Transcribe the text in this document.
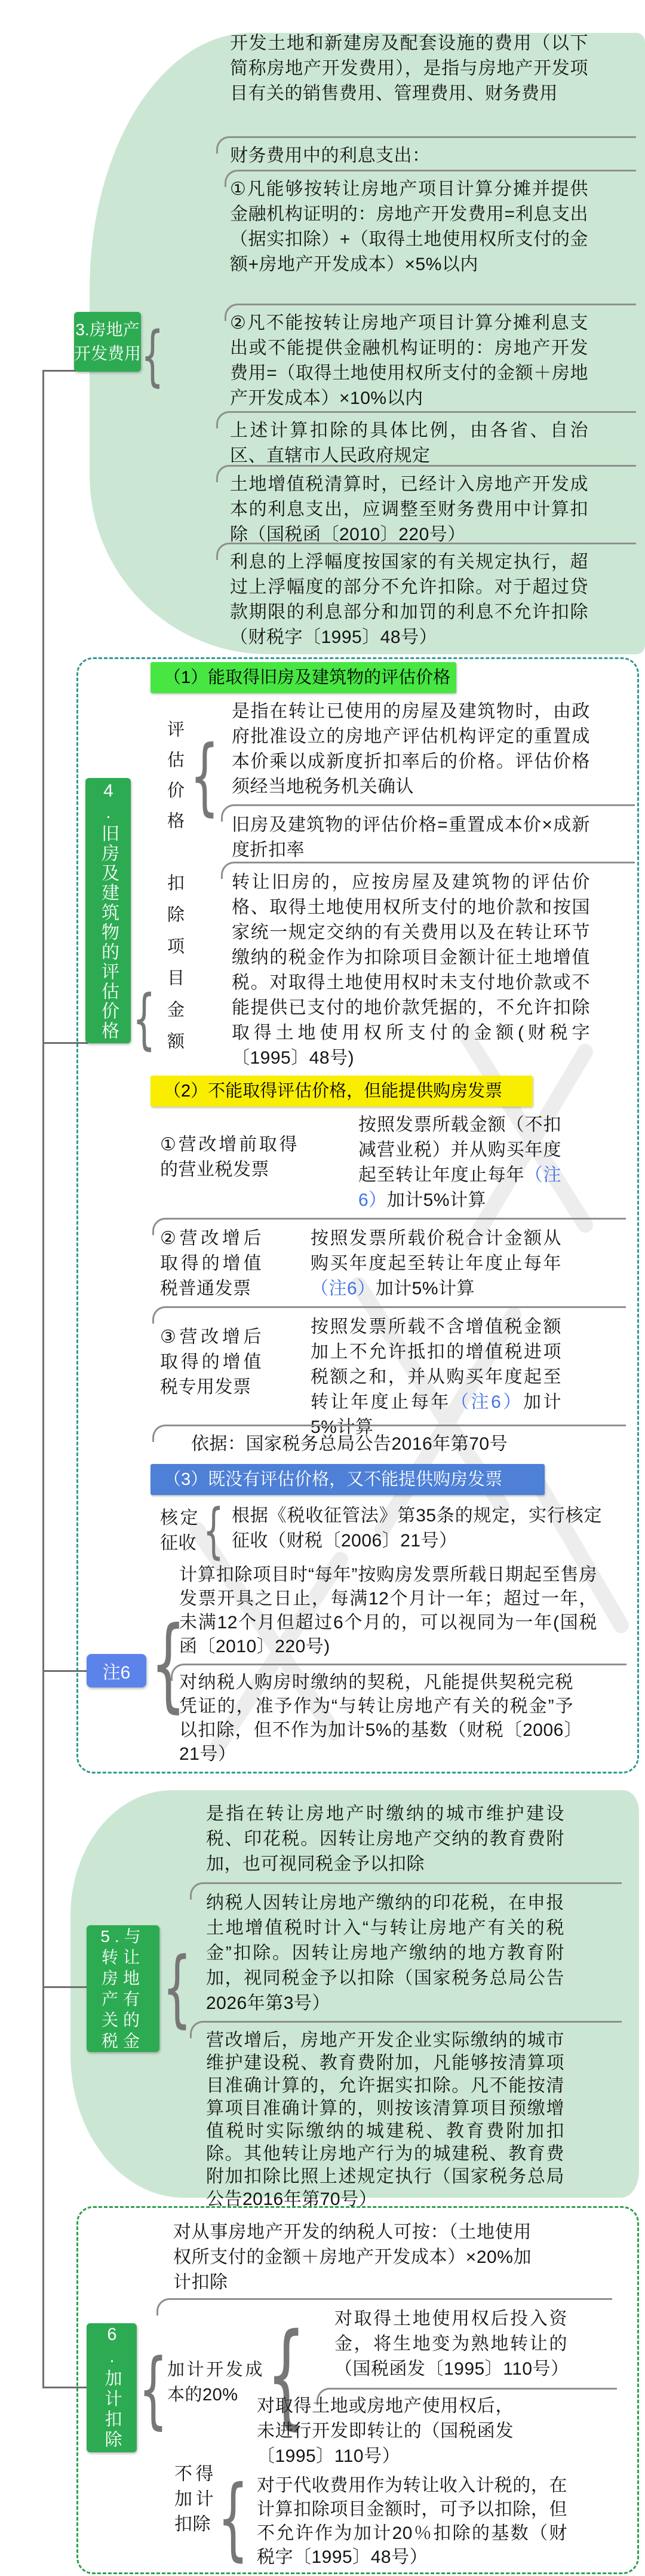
3.房地产
开发费用 {
开发土地和新建房及配套设施的费用（以下简称房地产开发费用），是指与房地产开发项目有关的销售费用、管理费用、财务费用
财务费用中的利息支出：
①凡能够按转让房地产项目计算分摊并提供金融机构证明的：房地产开发费用=利息支出（据实扣除）+（取得土地使用权所支付的金额+房地产开发成本）×5%以内
②凡不能按转让房地产项目计算分摊利息支出或不能提供金融机构证明的：房地产开发费用=（取得土地使用权所支付的金额＋房地产开发成本）×10%以内
上述计算扣除的具体比例，由各省、自治区、直辖市人民政府规定
土地增值税清算时，已经计入房地产开发成本的利息支出，应调整至财务费用中计算扣除（国税函〔2010〕220号）
利息的上浮幅度按国家的有关规定执行，超过上浮幅度的部分不允许扣除。对于超过贷款期限的利息部分和加罚的利息不允许扣除（财税字〔1995〕48号）
4.旧房及建筑物的评估价格 {
（1）能取得旧房及建筑物的评估价格
评估价格 {
是指在转让已使用的房屋及建筑物时，由政府批准设立的房地产评估机构评定的重置成本价乘以成新度折扣率后的价格。评估价格须经当地税务机关确认
旧房及建筑物的评估价格=重置成本价×成新度折扣率
扣除项目金额	转让旧房的，应按房屋及建筑物的评估价格、取得土地使用权所支付的地价款和按国家统一规定交纳的有关费用以及在转让环节缴纳的税金作为扣除项目金额计征土地增值税。对取得土地使用权时未支付地价款或不能提供已支付的地价款凭据的，不允许扣除取得土地使用权所支付的金额(财税字〔1995〕48号)
（2）不能取得评估价格，但能提供购房发票
①营改增前取得的营业税发票
按照发票所载金额（不扣减营业税）并从购买年度起至转让年度止每年（注6）加计5%计算
②营改增后取得的增值税普通发票
按照发票所载价税合计金额从购买年度起至转让年度止每年（注6）加计5%计算
③营改增后取得的增值税专用发票
按照发票所载不含增值税金额加上不允许抵扣的增值税进项税额之和，并从购买年度起至转让年度止每年（注6）加计5%计算
依据：国家税务总局公告2016年第70号
（3）既没有评估价格，又不能提供购房发票
核定征收 { 根据《税收征管法》第35条的规定，实行核定征收（财税〔2006〕21号）
注6 {
计算扣除项目时“每年”按购房发票所载日期起至售房发票开具之日止，每满12个月计一年；超过一年，未满12个月但超过6个月的，可以视同为一年(国税函〔2010〕220号)
对纳税人购房时缴纳的契税，凡能提供契税完税凭证的，准予作为“与转让房地产有关的税金”予以扣除，但不作为加计5%的基数（财税〔2006〕21号）
5.与
转让
房地
产有
关的
税金
{
是指在转让房地产时缴纳的城市维护建设税、印花税。因转让房地产交纳的教育费附加，也可视同税金予以扣除
纳税人因转让房地产缴纳的印花税，在申报土地增值税时计入“与转让房地产有关的税金”扣除。因转让房地产缴纳的地方教育附加，视同税金予以扣除（国家税务总局公告2026年第3号）
营改增后，房地产开发企业实际缴纳的城市维护建设税、教育费附加，凡能够按清算项目准确计算的，允许据实扣除。凡不能按清算项目准确计算的，则按该清算项目预缴增值税时实际缴纳的城建税、教育费附加扣除。其他转让房地产行为的城建税、教育费附加扣除比照上述规定执行（国家税务总局公告2016年第70号）
6.加计扣除 {
对从事房地产开发的纳税人可按：（土地使用权所支付的金额＋房地产开发成本）×20%加计扣除
加计开发成本的20% { 对取得土地使用权后投入资金，将生地变为熟地转让的（国税函发〔1995〕110号）
对取得土地或房地产使用权后，未进行开发即转让的（国税函发〔1995〕110号）
不得加计扣除 { 对于代收费用作为转让收入计税的，在计算扣除项目金额时，可予以扣除，但不允许作为加计20％扣除的基数（财税字〔1995〕48号）
